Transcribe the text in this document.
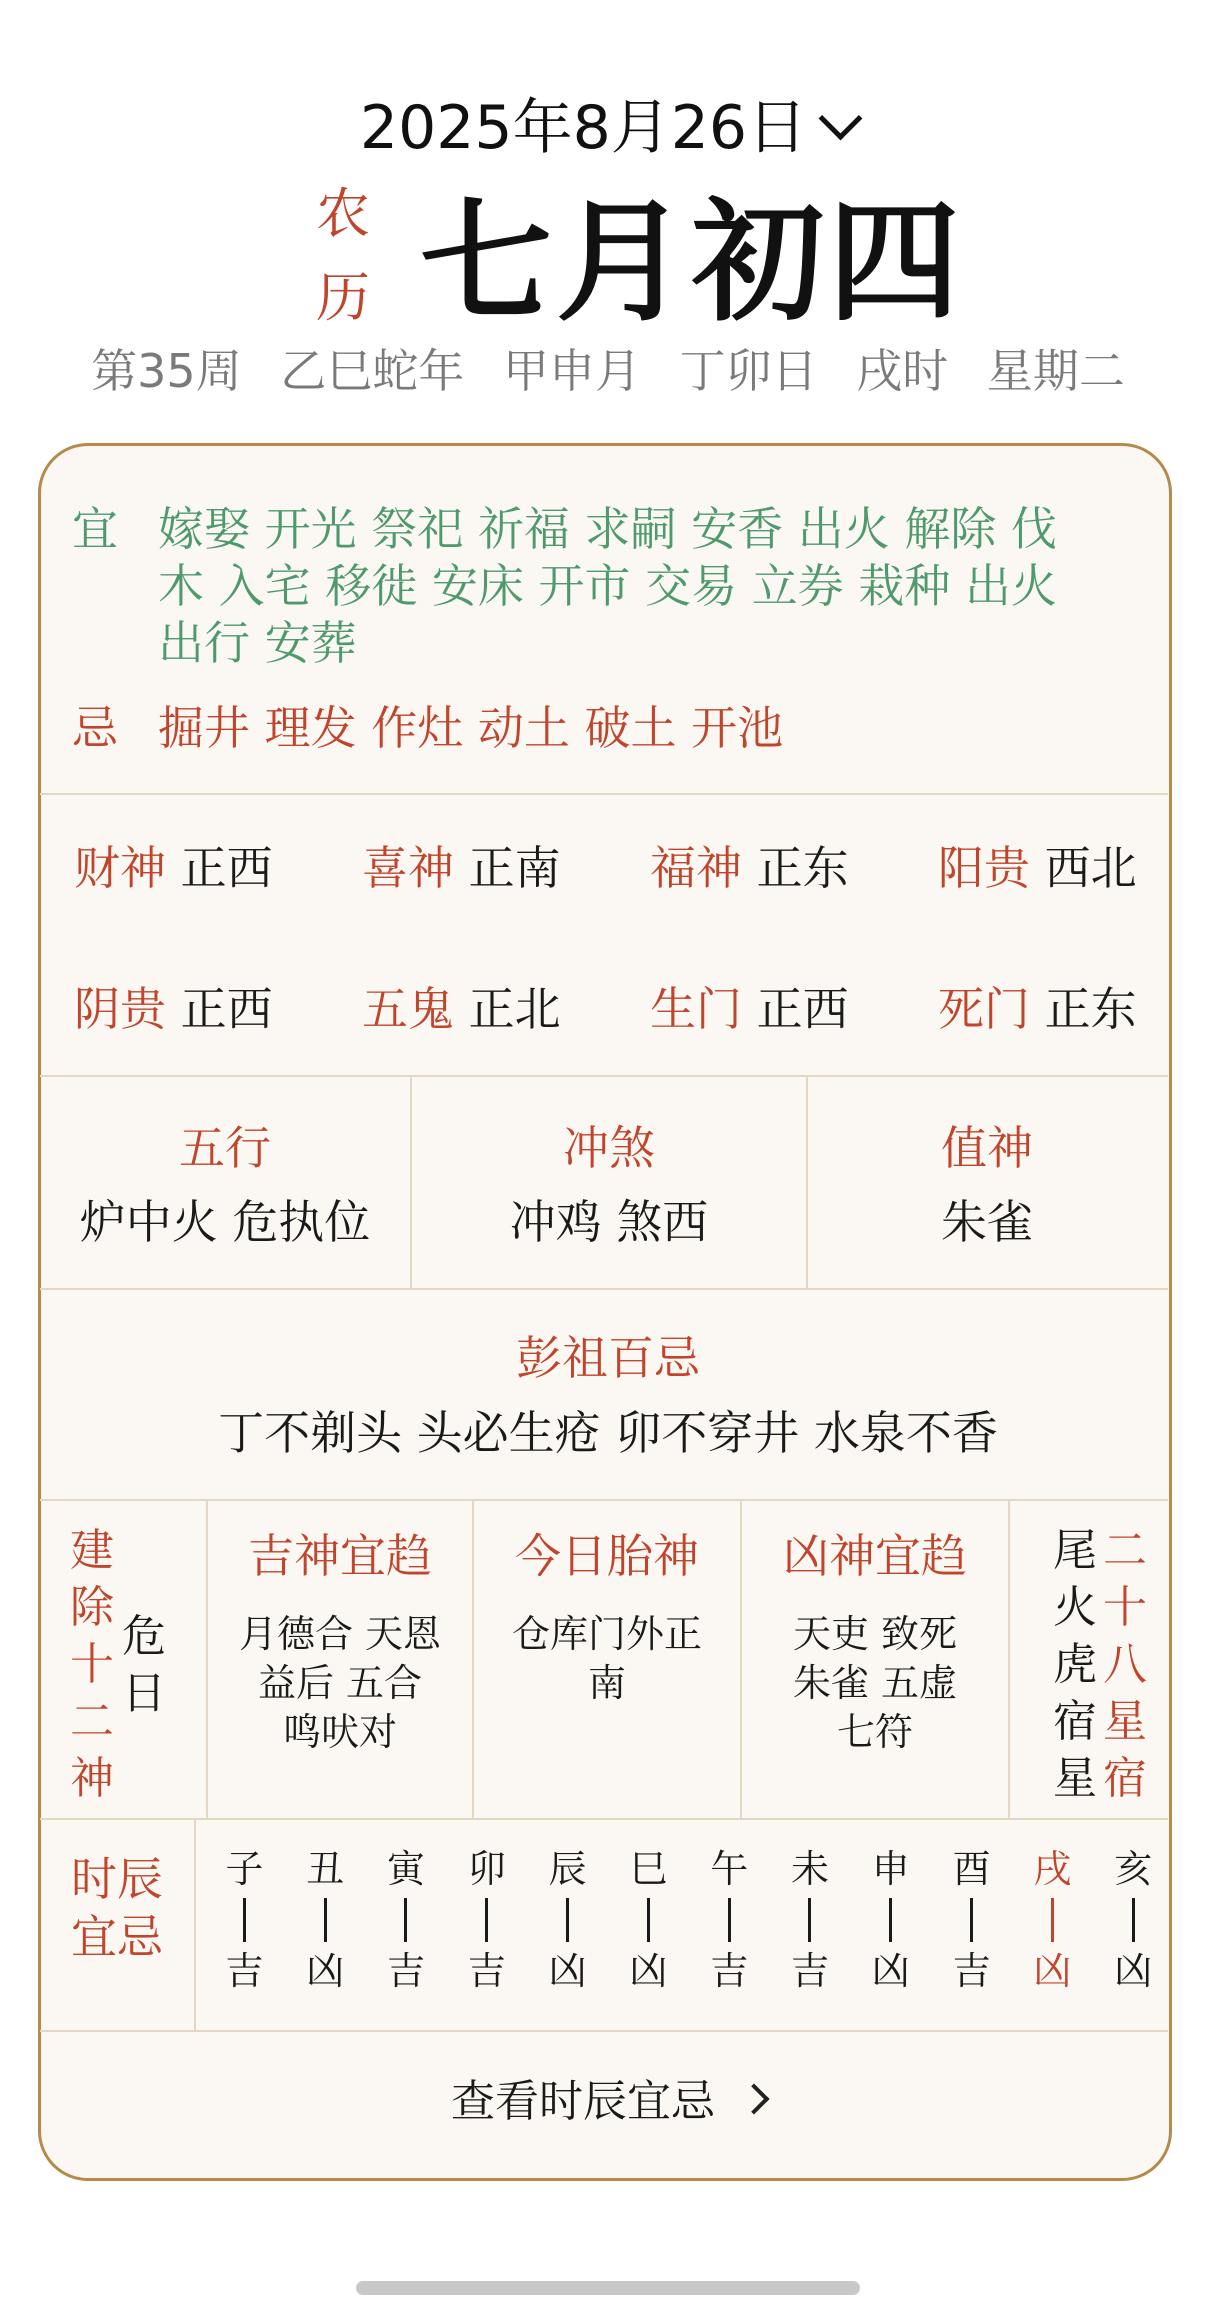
2025年8月26日
农历 七月初四
第35周 乙巳蛇年 甲申月 丁卯日 戌时 星期二
宜 嫁娶 开光 祭祀 祈福 求嗣 安香 出火 解除 伐
木 入宅 移徙 安床 开市 交易 立券 栽种 出火
出行 安葬
忌 掘井 理发 作灶 动土 破土 开池
财神 正西 喜神 正南 福神 正东 阳贵 西北
阴贵 正西 五鬼 正北 生门 正西 死门 正东
五行
炉中火 危执位
冲煞
冲鸡 煞西
值神
朱雀
彭祖百忌
丁不剃头 头必生疮 卯不穿井 水泉不香
建
除
十
二
神
危
日
吉神宜趋
月德合 天恩
益后 五合
鸣吠对
今日胎神
仓库门外正
南
凶神宜趋
天吏 致死
朱雀 五虚
七符
尾
火
虎
宿
星
二
十
八
星
宿
时辰
宜忌
子
吉
丑
凶
寅
吉
卯
吉
辰
凶
巳
凶
午
吉
未
吉
申
凶
酉
吉
戌
凶
亥
凶
查看时辰宜忌
